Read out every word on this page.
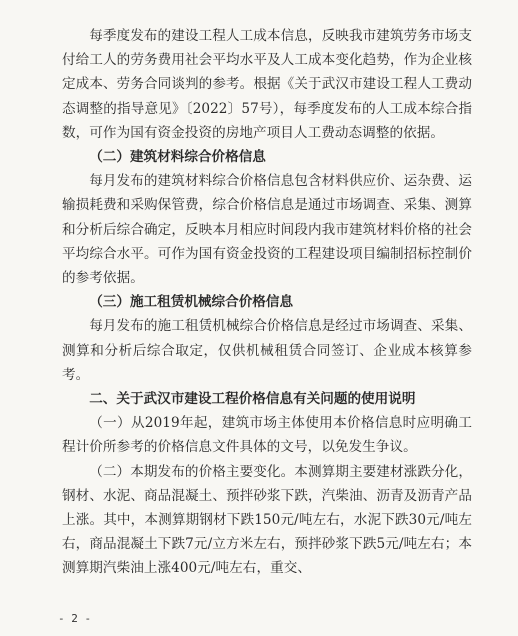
每季度发布的建设工程人工成本信息，反映我市建筑劳务市场支付给工人的劳务费用社会平均水平及人工成本变化趋势，作为企业核定成本、劳务合同谈判的参考。根据《关于武汉市建设工程人工费动态调整的指导意见》〔2022〕57号），每季度发布的人工成本综合指数，可作为国有资金投资的房地产项目人工费动态调整的依据。

（二）建筑材料综合价格信息

每月发布的建筑材料综合价格信息包含材料供应价、运杂费、运输损耗费和采购保管费，综合价格信息是通过市场调查、采集、测算和分析后综合确定，反映本月相应时间段内我市建筑材料价格的社会平均综合水平。可作为国有资金投资的工程建设项目编制招标控制价的参考依据。

（三）施工租赁机械综合价格信息

每月发布的施工租赁机械综合价格信息是经过市场调查、采集、测算和分析后综合取定，仅供机械租赁合同签订、企业成本核算参考。

二、关于武汉市建设工程价格信息有关问题的使用说明

（一）从2019年起，建筑市场主体使用本价格信息时应明确工程计价所参考的价格信息文件具体的文号，以免发生争议。

（二）本期发布的价格主要变化。本测算期主要建材涨跌分化，钢材、水泥、商品混凝土、预拌砂浆下跌，汽柴油、沥青及沥青产品上涨。其中，本测算期钢材下跌150元/吨左右，水泥下跌30元/吨左右，商品混凝土下跌7元/立方米左右，预拌砂浆下跌5元/吨左右；本测算期汽柴油上涨400元/吨左右，重交、

- 2 -
